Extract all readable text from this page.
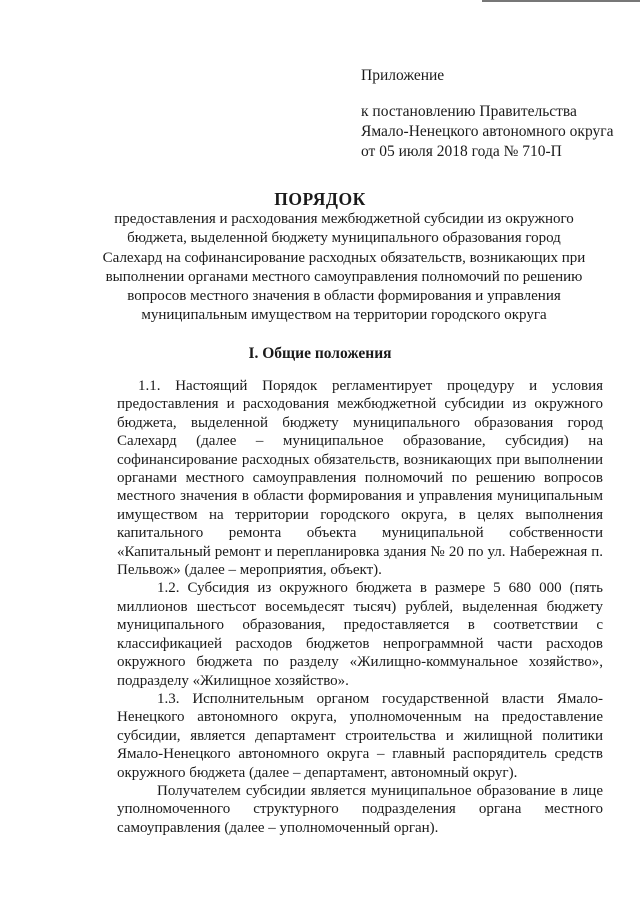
Приложение
к постановлению Правительства
Ямало-Ненецкого автономного округа
от 05 июля 2018 года № 710-П
ПОРЯДОК
предоставления и расходования межбюджетной субсидии из окружного бюджета, выделенной бюджету муниципального образования город Салехард на софинансирование расходных обязательств, возникающих при выполнении органами местного самоуправления полномочий по решению вопросов местного значения в области формирования и управления муниципальным имуществом на территории городского округа
I. Общие положения

1.1. Настоящий Порядок регламентирует процедуру и условия предоставления и расходования межбюджетной субсидии из окружного бюджета, выделенной бюджету муниципального образования город Салехард (далее – муниципальное образование, субсидия) на софинансирование расходных обязательств, возникающих при выполнении органами местного самоуправления полномочий по решению вопросов местного значения в области формирования и управления муниципальным имуществом на территории городского округа, в целях выполнения капитального ремонта объекта муниципальной собственности «Капитальный ремонт и перепланировка здания № 20 по ул. Набережная п. Пельвож» (далее – мероприятия, объект).

1.2. Субсидия из окружного бюджета в размере 5 680 000 (пять миллионов шестьсот восемьдесят тысяч) рублей, выделенная бюджету муниципального образования, предоставляется в соответствии с классификацией расходов бюджетов непрограммной части расходов окружного бюджета по разделу «Жилищно-коммунальное хозяйство», подразделу «Жилищное хозяйство».

1.3. Исполнительным органом государственной власти Ямало-Ненецкого автономного округа, уполномоченным на предоставление субсидии, является департамент строительства и жилищной политики Ямало-Ненецкого автономного округа – главный распорядитель средств окружного бюджета (далее – департамент, автономный округ).

Получателем субсидии является муниципальное образование в лице уполномоченного структурного подразделения органа местного самоуправления (далее – уполномоченный орган).
